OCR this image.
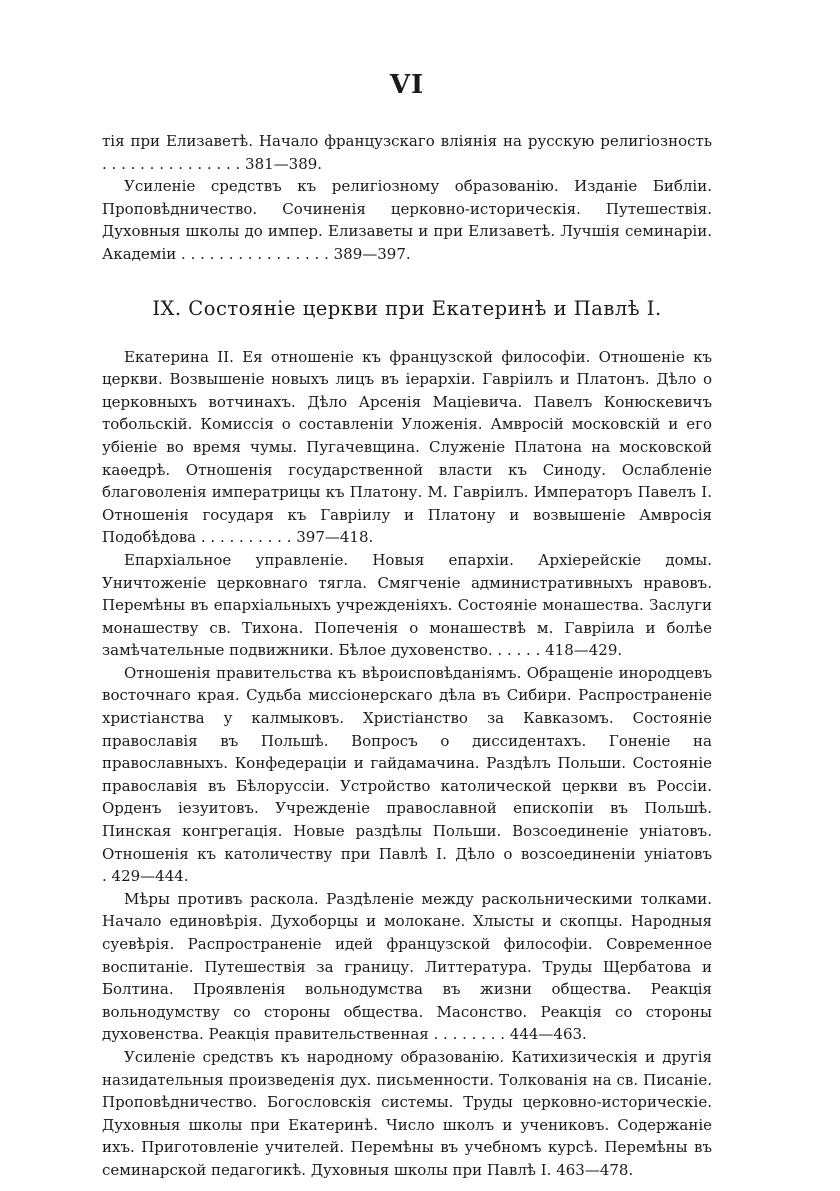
VI

тія при Елизаветѣ. Начало французскаго вліянія на русскую религіозность . . . . . . . . . . . . . . . 381—389.

Усиленіе средствъ къ религіозному образованію. Изданіе Библіи. Проповѣдничество. Сочиненія церковно-историческія. Путешествія. Духовныя школы до импер. Елизаветы и при Елизаветѣ. Лучшія семинаріи. Академіи . . . . . . . . . . . . . . . . 389—397.

IX. Состояніе церкви при Екатеринѣ и Павлѣ I.

Екатерина II. Ея отношеніе къ французской философіи. Отношеніе къ церкви. Возвышеніе новыхъ лицъ въ іерархіи. Гавріилъ и Платонъ. Дѣло о церковныхъ вотчинахъ. Дѣло Арсенія Маціевича. Павелъ Конюскевичъ тобольскій. Комиссія о составленіи Уложенія. Амвросій московскій и его убіеніе во время чумы. Пугачевщина. Служеніе Платона на московской каѳедрѣ. Отношенія государственной власти къ Синоду. Ослабленіе благоволенія императрицы къ Платону. М. Гавріилъ. Императоръ Павелъ I. Отношенія государя къ Гавріилу и Платону и возвышеніе Амвросія Подобѣдова . . . . . . . . . . 397—418.

Епархіальное управленіе. Новыя епархіи. Архіерейскіе домы. Уничтоженіе церковнаго тягла. Смягченіе административныхъ нравовъ. Перемѣны въ епархіальныхъ учрежденіяхъ. Состояніе монашества. Заслуги монашеству св. Тихона. Попеченія о монашествѣ м. Гавріила и болѣе замѣчательные подвижники. Бѣлое духовенство. . . . . . 418—429.

Отношенія правительства къ вѣроисповѣданіямъ. Обращеніе инородцевъ восточнаго края. Судьба миссіонерскаго дѣла въ Сибири. Распространеніе христіанства у калмыковъ. Христіанство за Кавказомъ. Состояніе православія въ Польшѣ. Вопросъ о диссидентахъ. Гоненіе на православныхъ. Конфедераціи и гайдамачина. Раздѣлъ Польши. Состояніе православія въ Бѣлоруссіи. Устройство католической церкви въ Россіи. Орденъ іезуитовъ. Учрежденіе православной епископіи въ Польшѣ. Пинская конгрегація. Новые раздѣлы Польши. Возсоединеніе уніатовъ. Отношенія къ католичеству при Павлѣ I. Дѣло о возсоединеніи уніатовъ . 429—444.

Мѣры противъ раскола. Раздѣленіе между раскольническими толками. Начало единовѣрія. Духоборцы и молокане. Хлысты и скопцы. Народныя суевѣрія. Распространеніе идей французской философіи. Современное воспитаніе. Путешествія за границу. Литтература. Труды Щербатова и Болтина. Проявленія вольнодумства въ жизни общества. Реакція вольнодумству со стороны общества. Масонство. Реакція со стороны духовенства. Реакція правительственная . . . . . . . . 444—463.

Усиленіе средствъ къ народному образованію. Катихизическія и другія назидательныя произведенія дух. письменности. Толкованія на св. Писаніе. Проповѣдничество. Богословскія системы. Труды церковно-историческіе. Духовныя школы при Екатеринѣ. Число школъ и учениковъ. Содержаніе ихъ. Приготовленіе учителей. Перемѣны въ учебномъ курсѣ. Перемѣны въ семинарской педагогикѣ. Духовныя школы при Павлѣ I. 463—478.
